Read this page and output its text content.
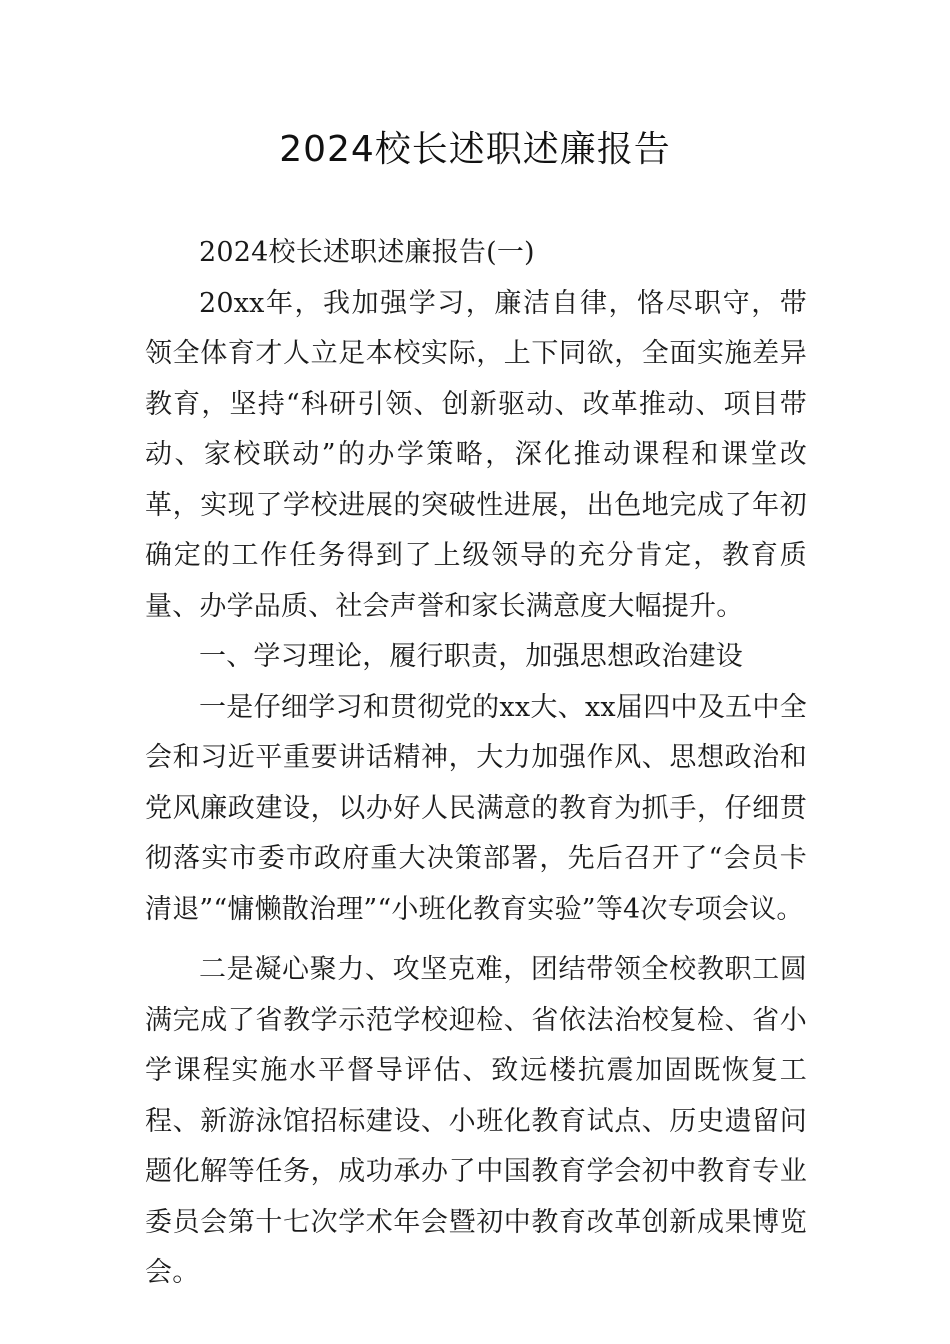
2024校长述职述廉报告

2024校长述职述廉报告(一)

20xx年，我加强学习，廉洁自律，恪尽职守，带领全体育才人立足本校实际，上下同欲，全面实施差异教育，坚持“科研引领、创新驱动、改革推动、项目带动、家校联动”的办学策略，深化推动课程和课堂改革，实现了学校进展的突破性进展，出色地完成了年初确定的工作任务得到了上级领导的充分肯定，教育质量、办学品质、社会声誉和家长满意度大幅提升。

一、学习理论，履行职责，加强思想政治建设

一是仔细学习和贯彻党的xx大、xx届四中及五中全会和习近平重要讲话精神，大力加强作风、思想政治和党风廉政建设，以办好人民满意的教育为抓手，仔细贯彻落实市委市政府重大决策部署，先后召开了“会员卡清退”“慵懒散治理”“小班化教育实验”等4次专项会议。

二是凝心聚力、攻坚克难，团结带领全校教职工圆满完成了省教学示范学校迎检、省依法治校复检、省小学课程实施水平督导评估、致远楼抗震加固既恢复工程、新游泳馆招标建设、小班化教育试点、历史遗留问题化解等任务，成功承办了中国教育学会初中教育专业委员会第十七次学术年会暨初中教育改革创新成果博览会。
